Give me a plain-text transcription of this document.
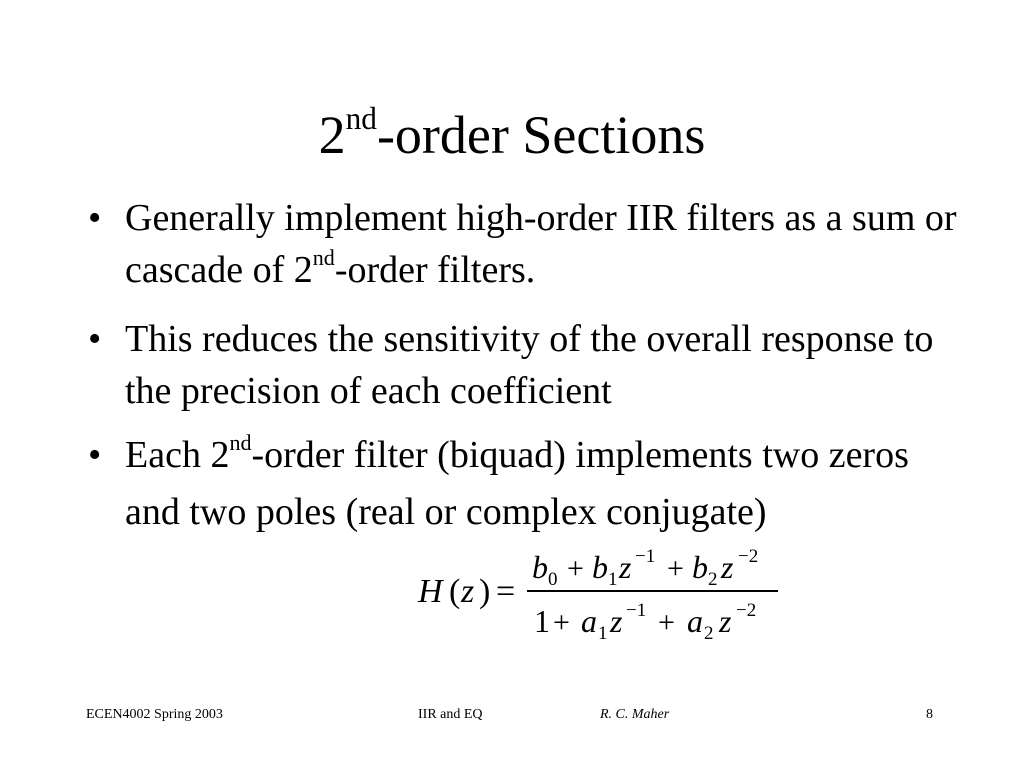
2nd-order Sections
• Generally implement high-order IIR filters as a sum or cascade of 2nd-order filters.
• This reduces the sensitivity of the overall response to the precision of each coefficient
• Each 2nd-order filter (biquad) implements two zeros and two poles (real or complex conjugate)
H ( z ) =
b 0 + b 1 z −1 + b 2 z −2
1 + a 1 z −1 + a 2 z −2

ECEN4002 Spring 2003	IIR and EQ	R. C. Maher	8
